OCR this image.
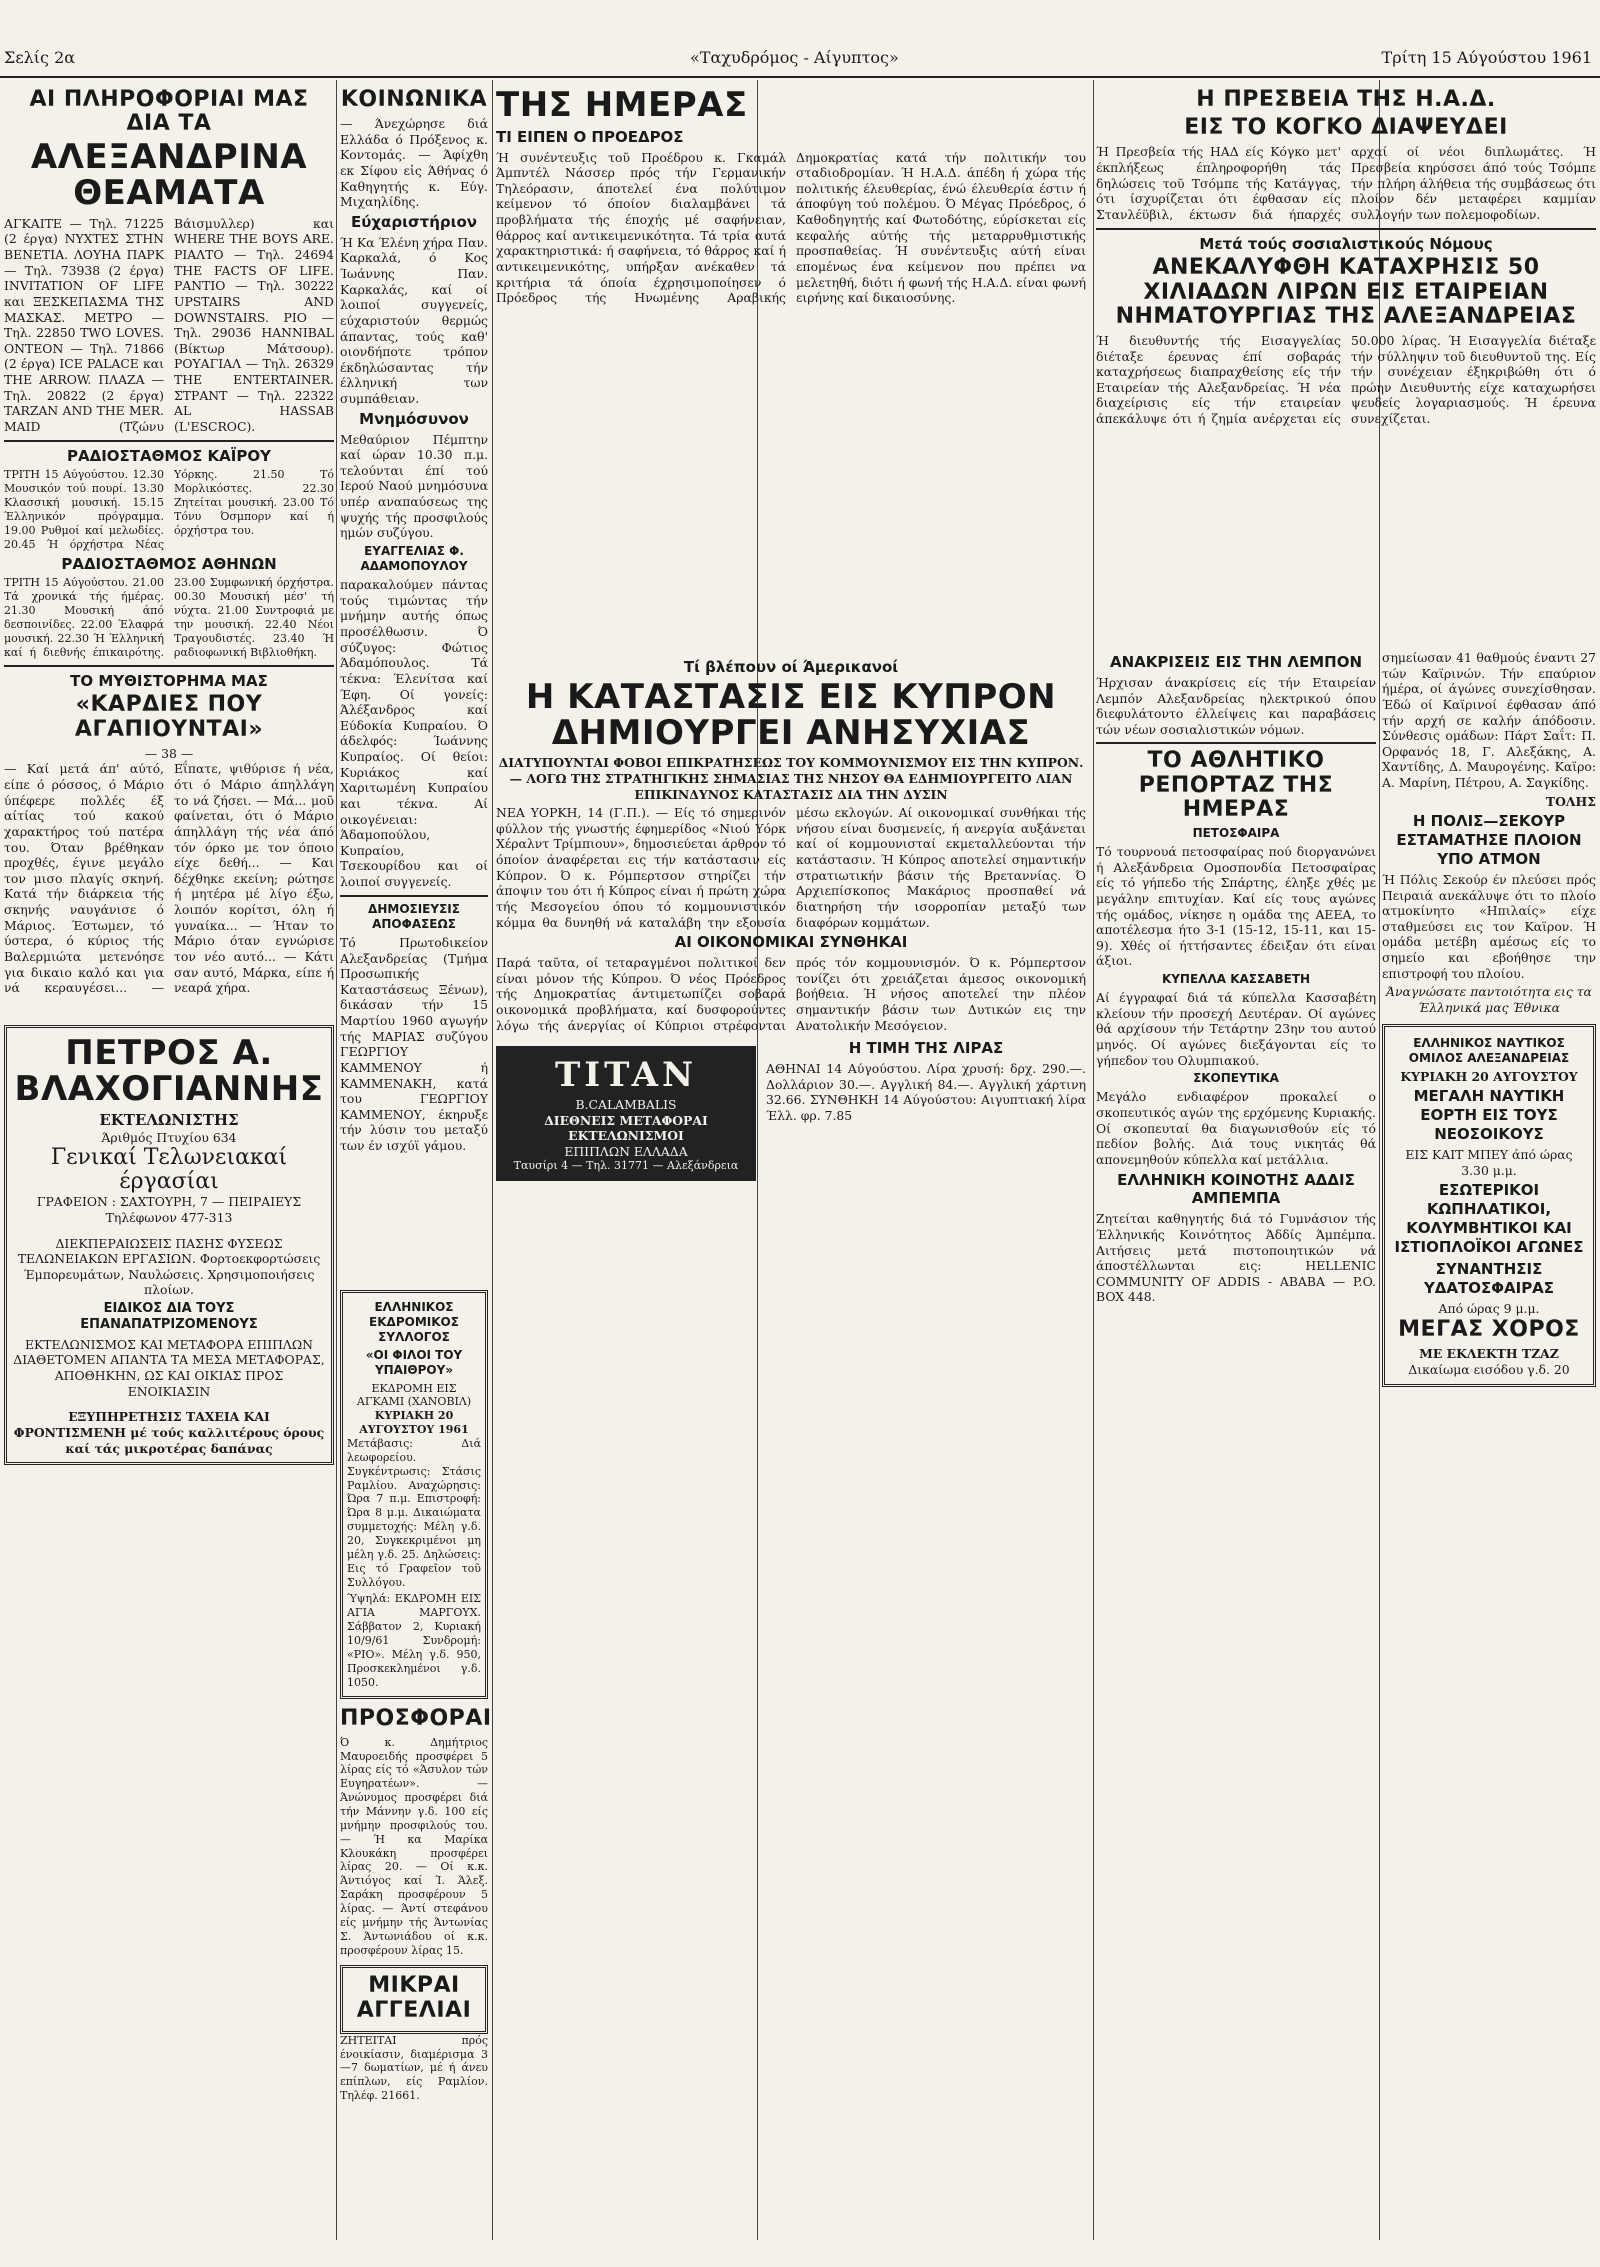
Σελίς 2α	«Ταχυδρόμος - Αίγυπτος»	Τρίτη 15 Αύγούστου 1961
ΑΙ ΠΛΗΡΟΦΟΡΙΑΙ ΜΑΣ ΔΙΑ ΤΑ
ΑΛΕΞΑΝΔΡΙΝΑ ΘΕΑΜΑΤΑ

ΑΓΚΑΙΤΕ — Τηλ. 71225 (2 έργα) ΝΥΧΤΕΣ ΣΤΗΝ ΒΕΝΕΤΙΑ. ΛΟΥΗΑ ΠΑΡΚ — Τηλ. 73938 (2 έργα) INVITATION OF LIFE και ΞΕΣΚΕΠΑΣΜΑ ΤΗΣ ΜΑΣΚΑΣ. ΜΕΤΡΟ — Τηλ. 22850 TWO LOVES. ΟΝΤΕΟΝ — Τηλ. 71866 (2 έργα) ICE PALACE και THE ARROW. ΠΛΑΖΑ — Τηλ. 20822 (2 έργα) TARZAN AND THE MER. MAID (Τζώνυ Βάισμυλλερ) και WHERE THE BOYS ARE. ΡΙΑΛΤΟ — Τηλ. 24694 THE FACTS OF LIFE. ΡΑΝΤΙΟ — Τηλ. 30222 UPSTAIRS AND DOWNSTAIRS. ΡΙΟ — Τηλ. 29036 HANNIBAL (Βίκτωρ Μάτσουρ). ΡΟΥΑΓΙΑΛ — Τηλ. 26329 THE ENTERTAINER. ΣΤΡΑΝΤ — Τηλ. 22322 AL HASSAB (L'ESCROC).

ΡΑΔΙΟΣΤΑΘΜΟΣ ΚΑΪΡΟΥ

ΤΡΙΤΗ 15 Αύγούστου. 12.30 Μουσικόν τού πουρί. 13.30 Κλασσική μουσική. 15.15 Έλληνικόν πρόγραμμα. 19.00 Ρυθμοί καί μελωδίες. 20.45 Ή όρχήστρα Νέας Υόρκης. 21.50 Τό Μορλικόστες. 22.30 Ζητείται μουσική. 23.00 Τό Τόνυ Όσμπορν καί ή όρχήστρα του.

ΡΑΔΙΟΣΤΑΘΜΟΣ ΑΘΗΝΩΝ

ΤΡΙΤΗ 15 Αύγούστου. 21.00 Τά χρονικά τής ήμέρας. 21.30 Μουσική άπό δεσποινίδες. 22.00 Έλαφρά μουσική. 22.30 Ή Έλληνική καί ή διεθνής έπικαιρότης. 23.00 Συμφωνική όρχήστρα. 00.30 Μουσική μέσ' τή νύχτα. 21.00 Συντροφιά με την μουσική. 22.40 Νέοι Τραγουδιστές. 23.40 Ή ραδιοφωνική Βιβλιοθήκη.

ΤΟ ΜΥΘΙΣΤΟΡΗΜΑ ΜΑΣ
«ΚΑΡΔΙΕΣ ΠΟΥ ΑΓΑΠΙΟΥΝΤΑΙ»
— 38 —

— Καί μετά άπ' αύτό, είπε ό ρόσσος, ό Μάριο ύπέφερε πολλές έξ αίτίας τού κακού χαρακτήρος τού πατέρα του. Όταν βρέθηκαν προχθές, έγινε μεγάλο τον μισο πλαγίς σκηνή. Κατά τήν διάρκεια τής σκηνής ναυγάνισε ό Μάριος. Έστωμεν, τό ύστερα, ό κύριος τής Βαλερμιώτα μετενόησε για δικαιο καλό και για νά κεραυγέσει... — Εΐπατε, ψιθύρισε ή νέα, ότι ό Μάριο άπηλλάγη το νά ζήσει. — Μά... μοῦ φαίνεται, ότι ό Μάριο άπηλλάγη τής νέα άπό τόν όρκο με τον όποιο είχε δεθή... — Και δέχθηκε εκείνη; ρώτησε ή μητέρα μέ λίγο έξω, λοιπόν κορίτσι, όλη ή γυναίκα... — Ήταν το Μάριο όταν εγνώρισε τον νέο αυτό... — Κάτι σαν αυτό, Μάρκα, είπε ή νεαρά χήρα.

ΠΕΤΡΟΣ Α. ΒΛΑΧΟΓΙΑΝΝΗΣ
ΕΚΤΕΛΩΝΙΣΤΗΣ
Άριθμός Πτυχίου 634
Γενικαί Τελωνειακαί έργασίαι
ΓΡΑΦΕΙΟΝ : ΣΑΧΤΟΥΡΗ, 7 — ΠΕΙΡΑΙΕΥΣ
Τηλέφωνον 477-313
ΔΙΕΚΠΕΡΑΙΩΣΕΙΣ ΠΑΣΗΣ ΦΥΣΕΩΣ ΤΕΛΩΝΕΙΑΚΩΝ ΕΡΓΑΣΙΩΝ. Φορτοεκφορτώσεις Έμπορευμάτων, Ναυλώσεις. Χρησιμοποιήσεις πλοίων.
ΕΙΔΙΚΟΣ ΔΙΑ ΤΟΥΣ ΕΠΑΝΑΠΑΤΡΙΖΟΜΕΝΟΥΣ
ΕΚΤΕΛΩΝΙΣΜΟΣ ΚΑΙ ΜΕΤΑΦΟΡΑ ΕΠΙΠΛΩΝ ΔΙΑΘΕΤΟΜΕΝ ΑΠΑΝΤΑ ΤΑ ΜΕΣΑ ΜΕΤΑΦΟΡΑΣ, ΑΠΟΘΗΚΗΝ, ΩΣ ΚΑΙ ΟΙΚΙΑΣ ΠΡΟΣ ΕΝΟΙΚΙΑΣΙΝ
ΕΞΥΠΗΡΕΤΗΣΙΣ ΤΑΧΕΙΑ ΚΑΙ ΦΡΟΝΤΙΣΜΕΝΗ μέ τούς καλλιτέρους όρους καί τάς μικροτέρας δαπάνας
ΚΟΙΝΩΝΙΚΑ

— Άνεχώρησε διά Ελλάδα ό Πρόξενος κ. Κοντομάς. — Άφίχθη εκ Σίφου εἰς Άθήνας ό Καθηγητής κ. Εύγ. Μιχαηλίδης.

Εύχαριστήριον

Ή Κα Έλένη χήρα Παν. Καρκαλά, ό Κος Ίωάννης Παν. Καρκαλάς, καί οί λοιποί συγγενείς, εύχαριστούν θερμώς άπαντας, τούς καθ' οιονδήποτε τρόπον έκδηλώσαντας τήν έλληνική των συμπάθειαν.

Μνημόσυνον

Μεθαύριον Πέμπτην καί ώραν 10.30 π.μ. τελούνται έπί τού Ιερού Ναού μνημόσυνα υπέρ αναπαύσεως της ψυχής τής προσφιλούς ημών συζύγου.

ΕΥΑΓΓΕΛΙΑΣ Φ. ΑΔΑΜΟΠΟΥΛΟΥ

παρακαλούμεν πάντας τούς τιμώντας τήν μνήμην αυτής όπως προσέλθωσιν. Ό σύζυγος: Φώτιος Άδαμόπουλος. Τά τέκνα: Έλενίτσα καί Έφη. Οί γονείς: Άλέξανδρος καί Εύδοκία Κυπραίου. Ό άδελφός: Ίωάννης Κυπραίος. Οί θείοι: Κυριάκος καί Χαριτωμένη Κυπραίου και τέκνα. Αί οικογένειαι: Άδαμοπούλου, Κυπραίου, Τσεκουρίδου και οί λοιποί συγγενείς.

ΔΗΜΟΣΙΕΥΣΙΣ ΑΠΟΦΑΣΕΩΣ

Τό Πρωτοδικείον Αλεξανδρείας (Τμήμα Προσωπικής Καταστάσεως Ξένων), δικάσαν τήν 15 Μαρτίου 1960 αγωγήν τής ΜΑΡΙΑΣ συζύγου ΓΕΩΡΓΙΟΥ ΚΑΜΜΕΝΟΥ ή ΚΑΜΜΕΝΑΚΗ, κατά του ΓΕΩΡΓΙΟΥ ΚΑΜΜΕΝΟΥ, έκηρυξε τήν λύσιν του μεταξύ των έν ισχύϊ γάμου.

ΕΛΛΗΝΙΚΟΣ ΕΚΔΡΟΜΙΚΟΣ ΣΥΛΛΟΓΟΣ
«ΟΙ ΦΙΛΟΙ ΤΟΥ ΥΠΑΙΘΡΟΥ»
ΕΚΔΡΟΜΗ ΕΙΣ ΑΓΚΑΜΙ (ΧΑΝΟΒΙΛ)
ΚΥΡΙΑΚΗ 20 ΑΥΓΟΥΣΤΟΥ 1961

Μετάβασις: Διά λεωφορείου. Συγκέντρωσις: Στάσις Ραμλίου. Αναχώρησις: Ώρα 7 π.μ. Επιστροφή: Ώρα 8 μ.μ. Δικαιώματα συμμετοχής: Μέλη γ.δ. 20, Συγκεκριμένοι μη μέλη γ.δ. 25. Δηλώσεις: Εις τό Γραφεῖον τοῦ Συλλόγου.

Ύψηλά: ΕΚΔΡΟΜΗ ΕΙΣ ΑΓΙΑ ΜΑΡΓΟΥΧ. Σάββατον 2, Κυριακή 10/9/61 Συνδρομή: «ΡΙΟ». Μέλη γ.δ. 950, Προσκεκλημένοι γ.δ. 1050.

ΠΡΟΣΦΟΡΑΙ

Ό κ. Δημήτριος Μαυροειδής προσφέρει 5 λίρας είς τό «Άσυλον τών Ευγηρατέων». — Άνώνυμος προσφέρει διά τήν Μάννην γ.δ. 100 είς μνήμην προσφιλούς του. — Ή κα Μαρίκα Κλουκάκη προσφέρει λίρας 20. — Οί κ.κ. Άντιόγος καί Ί. Άλεξ. Σαράκη προσφέρουν 5 λίρας. — Άντί στεφάνου είς μνήμην τής Άντωνίας Σ. Άντωνιάδου οί κ.κ. προσφέρουν λίρας 15.

ΜΙΚΡΑΙ ΑΓΓΕΛΙΑΙ

ΖΗΤΕΙΤΑΙ πρός ένοικίασιν, διαμέρισμα 3—7 δωματίων, μέ ή άνευ επίπλων, είς Ραμλίον. Τηλέφ. 21661.

ΤΗΣ ΗΜΕΡΑΣ
ΤΙ ΕΙΠΕΝ Ο ΠΡΟΕΔΡΟΣ

Ή συνέντευξις τοῦ Προέδρου κ. Γκαμάλ Άμπντέλ Νάσσερ πρός τήν Γερμανικήν Τηλεόρασιν, άποτελεί ένα πολύτιμον κείμενον τό όποίον διαλαμβάνει τά προβλήματα τής έποχής μέ σαφήνειαν, θάρρος καί αντικειμενικότητα. Τά τρία αυτά χαρακτηριστικά: ή σαφήνεια, τό θάρρος καί ή αντικειμενικότης, υπήρξαν ανέκαθεν τά κριτήρια τά όποία έχρησιμοποίησεν ό Πρόεδρος τής Ηνωμένης Αραβικής Δημοκρατίας κατά τήν πολιτικήν του σταδιοδρομίαν. Ή Η.Α.Δ. άπέδη ή χώρα τής πολιτικής έλευθερίας, ένώ έλευθερία έστιν ή άποφύγη τού πολέμου. Ό Μέγας Πρόεδρος, ό Καθοδηγητής καί Φωτοδότης, εύρίσκεται είς κεφαλής αύτής τής μεταρρυθμιστικής προσπαθείας. Ή συνέντευξις αύτή είναι επομένως ένα κείμενον που πρέπει να μελετηθή, διότι ή φωνή τής Η.Α.Δ. είναι φωνή ειρήνης καί δικαιοσύνης.

Τί βλέπουν οί Άμερικανοί
Η ΚΑΤΑΣΤΑΣΙΣ ΕΙΣ ΚΥΠΡΟΝ ΔΗΜΙΟΥΡΓΕΙ ΑΝΗΣΥΧΙΑΣ

ΔΙΑΤΥΠΟΥΝΤΑΙ ΦΟΒΟΙ ΕΠΙΚΡΑΤΗΣΕΩΣ ΤΟΥ ΚΟΜΜΟΥΝΙΣΜΟΥ ΕΙΣ ΤΗΝ ΚΥΠΡΟΝ. — ΛΟΓΩ ΤΗΣ ΣΤΡΑΤΗΓΙΚΗΣ ΣΗΜΑΣΙΑΣ ΤΗΣ ΝΗΣΟΥ ΘΑ ΕΔΗΜΙΟΥΡΓΕΙΤΟ ΛΙΑΝ ΕΠΙΚΙΝΔΥΝΟΣ ΚΑΤΑΣΤΑΣΙΣ ΔΙΑ ΤΗΝ ΔΥΣΙΝ

ΝΕΑ ΥΟΡΚΗ, 14 (Γ.Π.). — Είς τό σημερινόν φύλλον τής γνωστής έφημερίδος «Νιού Υόρκ Χέραλντ Τρίμπιουν», δημοσιεύεται άρθρον τό όποίον άναφέρεται εις τήν κατάστασιν είς Κύπρον. Ό κ. Ρόμπερτσον στηρίζει τήν άποψιν του ότι ή Κύπρος είναι ή πρώτη χώρα τής Μεσογείου όπου τό κομμουνιστικόν κόμμα θα δυνηθή νά καταλάβη την εξουσία μέσω εκλογών. Αί οικονομικαί συνθήκαι τής νήσου είναι δυσμενείς, ή ανεργία αυξάνεται καί οί κομμουνισταί εκμεταλλεύονται τήν κατάστασιν. Ή Κύπρος αποτελεί σημαντικήν στρατιωτικήν βάσιν τής Βρεταννίας. Ό Αρχιεπίσκοπος Μακάριος προσπαθεί νά διατηρήση τήν ισορροπίαν μεταξύ των διαφόρων κομμάτων.

ΑΙ ΟΙΚΟΝΟΜΙΚΑΙ ΣΥΝΘΗΚΑΙ

Παρά ταῦτα, οί τεταραγμένοι πολιτικοί δεν είναι μόνον τής Κύπρου. Ό νέος Πρόεδρος τής Δημοκρατίας άντιμετωπίζει σοβαρά οικονομικά προβλήματα, καί δυσφορούντες λόγω τής άνεργίας οί Κύπριοι στρέφονται πρός τόν κομμουνισμόν. Ό κ. Ρόμπερτσον τονίζει ότι χρειάζεται άμεσος οικονομική βοήθεια. Ή νήσος αποτελεί την πλέον σημαντικήν βάσιν των Δυτικών εις την Ανατολικήν Μεσόγειον.

TITAN
B.CALAMBALIS
ΔΙΕΘΝΕΙΣ ΜΕΤΑΦΟΡΑΙ ΕΚΤΕΛΩΝΙΣΜΟΙ
ΕΠΙΠΛΩΝ ΕΛΛΑΔΑ
Ταυσίρι 4 — Τηλ. 31771 — Αλεξάνδρεια
Η ΤΙΜΗ ΤΗΣ ΛΙΡΑΣ

ΑΘΗΝΑΙ 14 Αύγούστου. Λίρα χρυσή: δρχ. 290.—. Δολλάριον 30.—. Αγγλική 84.—. Αγγλική χάρτινη 32.66. ΣΥΝΘΗΚΗ 14 Αύγούστου: Αιγυπτιακή λίρα Έλλ. φρ. 7.85

Η ΠΡΕΣΒΕΙΑ ΤΗΣ Η.Α.Δ.
ΕΙΣ ΤΟ ΚΟΓΚΟ ΔΙΑΨΕΥΔΕΙ

Ή Πρεσβεία τής ΗΑΔ είς Κόγκο μετ' έκπλήξεως έπληροφορήθη τάς δηλώσεις τοῦ Τσόμπε τής Κατάγγας, ότι ίσχυρίζεται ότι έφθασαν είς Στανλέϋβιλ, έκτωσν διά ήπαρχές αρχαί οί νέοι διπλωμάτες. Ή Πρεσβεία κηρύσσει άπό τούς Τσόμπε τήν πλήρη άλήθεια τής συμβάσεως ότι πλοίον δέν μεταφέρει καμμίαν συλλογήν των πολεμοφοδίων.

Μετά τούς σοσιαλιστικούς Νόμους
ΑΝΕΚΑΛΥΦΘΗ ΚΑΤΑΧΡΗΣΙΣ 50 ΧΙΛΙΑΔΩΝ ΛΙΡΩΝ ΕΙΣ ΕΤΑΙΡΕΙΑΝ ΝΗΜΑΤΟΥΡΓΙΑΣ ΤΗΣ ΑΛΕΞΑΝΔΡΕΙΑΣ

Ή διευθυντής τής Εισαγγελίας διέταξε έρευνας έπί σοβαράς καταχρήσεως διαπραχθείσης είς τήν Εταιρείαν τής Αλεξανδρείας. Ή νέα διαχείρισις είς τήν εταιρείαν άπεκάλυψε ότι ή ζημία ανέρχεται είς 50.000 λίρας. Ή Εισαγγελία διέταξε τήν σύλληψιν τοῦ διευθυντοῦ της. Είς τήν συνέχειαν έξηκριβώθη ότι ό πρώην Διευθυντής είχε καταχωρήσει ψευδείς λογαριασμούς. Ή έρευνα συνεχίζεται.

ΑΝΑΚΡΙΣΕΙΣ ΕΙΣ ΤΗΝ ΛΕΜΠΟΝ

Ήρχισαν άνακρίσεις είς τήν Εταιρείαν Λεμπόν Αλεξανδρείας ηλεκτρικού όπου διεφυλάτοντο έλλείψεις και παραβάσεις τών νέων σοσιαλιστικών νόμων.

ΤΟ ΑΘΛΗΤΙΚΟ ΡΕΠΟΡΤΑΖ ΤΗΣ ΗΜΕΡΑΣ
ΠΕΤΟΣΦΑΙΡΑ

Τό τουρνουά πετοσφαίρας πού διοργανώνει ή Αλεξάνδρεια Ομοσπονδία Πετοσφαίρας είς τό γήπεδο τής Σπάρτης, έληξε χθές με μεγάλην επιτυχίαν. Καί είς τους αγώνες τής ομάδος, νίκησε η ομάδα της ΑΕΕΑ, το αποτέλεσμα ήτο 3-1 (15-12, 15-11, και 15-9). Χθές οί ήττήσαντες έδειξαν ότι είναι άξιοι.

ΚΥΠΕΛΛΑ ΚΑΣΣΑΒΕΤΗ

Αί έγγραφαί διά τά κύπελλα Κασσαβέτη κλείουν τήν προσεχή Δευτέραν. Οί αγώνες θά αρχίσουν τήν Τετάρτην 23ην του αυτού μηνός. Οί αγώνες διεξάγονται είς το γήπεδον του Ολυμπιακού.

ΣΚΟΠΕΥΤΙΚΑ

Μεγάλο ενδιαφέρον προκαλεί ο σκοπευτικός αγών της ερχόμενης Κυριακής. Οί σκοπευταί θα διαγωνισθούν είς τό πεδίον βολής. Διά τους νικητάς θά απονεμηθούν κύπελλα καί μετάλλια.

ΕΛΛΗΝΙΚΗ ΚΟΙΝΟΤΗΣ ΑΔΔΙΣ ΑΜΠΕΜΠΑ

Ζητείται καθηγητής διά τό Γυμνάσιον τής Έλληνικής Κοινότητος Άδδίς Άμπέμπα. Αιτήσεις μετά πιστοποιητικών νά άποστέλλωνται εις: HELLENIC COMMUNITY OF ADDIS - ABABA — P.O. BOX 448.

σημείωσαν 41 θαθμούς έναντι 27 τών Καϊρινών. Τήν επαύριον ήμέρα, οί άγώνες συνεχίσθησαν. Έδώ οί Καϊρινοί έφθασαν άπό τήν αρχή σε καλήν άπόδοσιν. Σύνθεσις ομάδων: Πάρτ Σαΐτ: Π. Ορφανός 18, Γ. Αλεξάκης, Α. Χαντίδης, Δ. Μαυρογένης. Καϊρο: Α. Μαρίνη, Πέτρου, Α. Σαγκίδης.

ΤΟΛΗΣ
Η ΠΟΛΙΣ—ΣΕΚΟΥΡ ΕΣΤΑΜΑΤΗΣΕ ΠΛΟΙΟΝ ΥΠΟ ΑΤΜΟΝ

Ή Πόλις Σεκούρ έν πλεύσει πρός Πειραιά ανεκάλυψε ότι το πλοίο ατμοκίνητο «Ηπιλαίς» είχε σταθμεύσει εις τον Καϊρον. Ή ομάδα μετέβη αμέσως είς το σημείο και εβοήθησε την επιστροφή του πλοίου.

Άναγνώσατε παντοιότητα εις τα Έλληνικά μας Έθνικα
ΕΛΛΗΝΙΚΟΣ ΝΑΥΤΙΚΟΣ ΟΜΙΛΟΣ ΑΛΕΞΑΝΔΡΕΙΑΣ
ΚΥΡΙΑΚΗ 20 ΑΥΓΟΥΣΤΟΥ
ΜΕΓΑΛΗ ΝΑΥΤΙΚΗ ΕΟΡΤΗ ΕΙΣ ΤΟΥΣ ΝΕΟΣΟΙΚΟΥΣ
ΕΙΣ ΚΑΙΤ ΜΠΕΥ άπό ώρας 3.30 μ.μ.
ΕΣΩΤΕΡΙΚΟΙ ΚΩΠΗΛΑΤΙΚΟΙ, ΚΟΛΥΜΒΗΤΙΚΟΙ ΚΑΙ ΙΣΤΙΟΠΛΟΪΚΟΙ ΑΓΩΝΕΣ
ΣΥΝΑΝΤΗΣΙΣ ΥΔΑΤΟΣΦΑΙΡΑΣ
Από ώρας 9 μ.μ.
ΜΕΓΑΣ ΧΟΡΟΣ
ΜΕ ΕΚΛΕΚΤΗ ΤΖΑΖ
Δικαίωμα εισόδου γ.δ. 20
